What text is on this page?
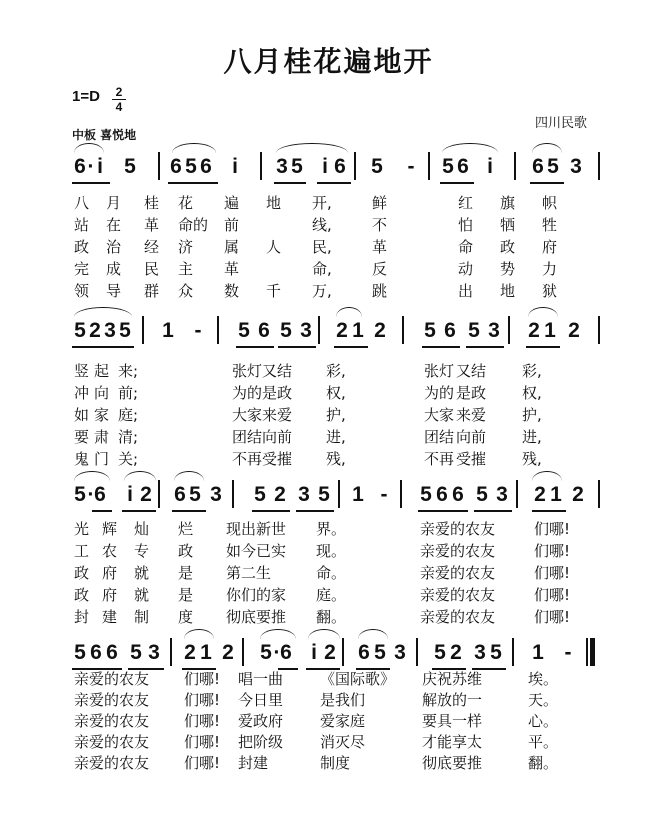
八月桂花遍地开
1=D	2
4
中板 喜悦地
四川民歌
6 · i 5 6 5 6 i 3 5 i 6 5 - 5 6 i 6 5 3
八 月 桂 花 遍 地 开,	鲜	红 旗 帜
站 在 革 命的 前	线,	不	怕 牺 牲
政 治 经 济 属 人 民,	革	命 政 府
完 成 民 主 革	命,	反	动 势 力
领 导 群 众 数 千 万,	跳	出 地 狱
5 2 3 5 1 - 5 6 5 3 2 1 2 5 6 5 3 2 1 2
竖 起 来;	张灯 又结 彩,	张灯 又结 彩,
冲 向 前;	为的 是政 权,	为的 是政 权,
如 家 庭;	大家 来爱 护,	大家 来爱 护,
要 肃 清;	团结 向前 进,	团结 向前 进,
鬼 门 关;	不再 受摧 残,	不再 受摧 残,
5 · 6 i 2 6 5 3 5 2 3 5 1 - 5 6 6 5 3 2 1 2
光 辉 灿 烂 现出新世 界。	亲爱的农友	们哪!
工 农 专 政 如今已实 现。	亲爱的农友	们哪!
政 府 就 是 第二生	命。	亲爱的农友	们哪!
政 府 就 是 你们的家 庭。	亲爱的农友	们哪!
封 建 制 度 彻底要推 翻。	亲爱的农友	们哪!
5 6 6 5 3 2 1 2 5 · 6 i 2 6 5 3 5 2 3 5 1 -
亲爱的农友 们哪! 唱一曲 《国际歌》 庆祝苏维	埃。
亲爱的农友 们哪! 今日里 是我们	解放的一	天。
亲爱的农友 们哪! 爱政府 爱家庭	要具一样	心。
亲爱的农友 们哪! 把阶级 消灭尽	才能享太	平。
亲爱的农友 们哪! 封建	制度	彻底要推	翻。
